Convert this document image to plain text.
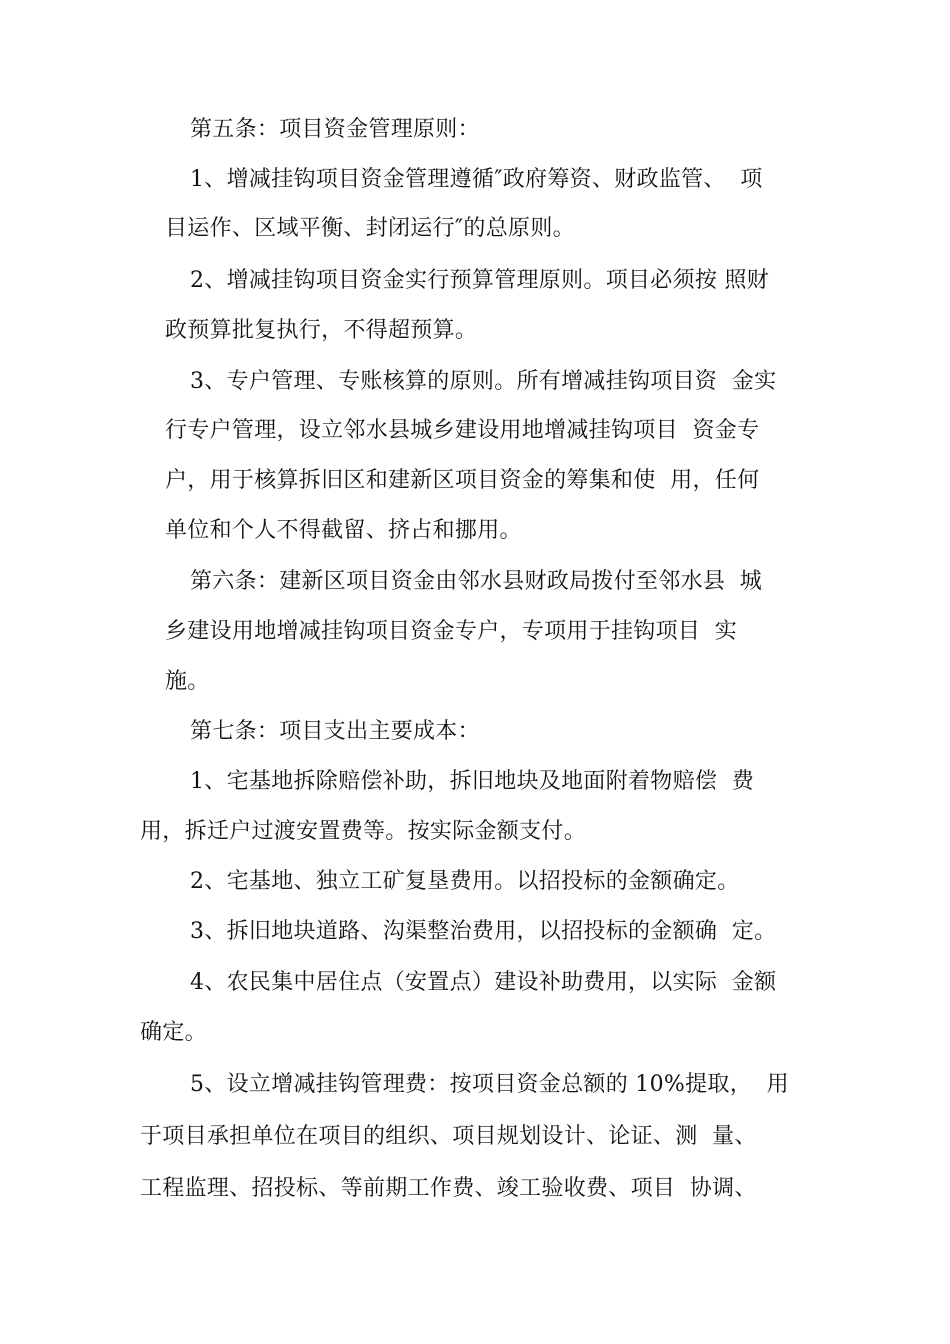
第五条：项目资金管理原则：
1、增减挂钩项目资金管理遵循″政府筹资、财政监管、  项
目运作、区域平衡、封闭运行″的总原则。
2、增减挂钩项目资金实行预算管理原则。项目必须按 照财
政预算批复执行，不得超预算。
3、专户管理、专账核算的原则。所有增减挂钩项目资  金实
行专户管理，设立邻水县城乡建设用地增减挂钩项目  资金专
户，用于核算拆旧区和建新区项目资金的筹集和使  用，任何
单位和个人不得截留、挤占和挪用。
第六条：建新区项目资金由邻水县财政局拨付至邻水县  城
乡建设用地增减挂钩项目资金专户，专项用于挂钩项目  实
施。
第七条：项目支出主要成本：
1、宅基地拆除赔偿补助，拆旧地块及地面附着物赔偿  费
用，拆迁户过渡安置费等。按实际金额支付。
2、宅基地、独立工矿复垦费用。以招投标的金额确定。
3、拆旧地块道路、沟渠整治费用，以招投标的金额确  定。
4、农民集中居住点（安置点）建设补助费用，以实际  金额
确定。
5、设立增减挂钩管理费：按项目资金总额的 10%提取，  用
于项目承担单位在项目的组织、项目规划设计、论证、测  量、
工程监理、招投标、等前期工作费、竣工验收费、项目  协调、
